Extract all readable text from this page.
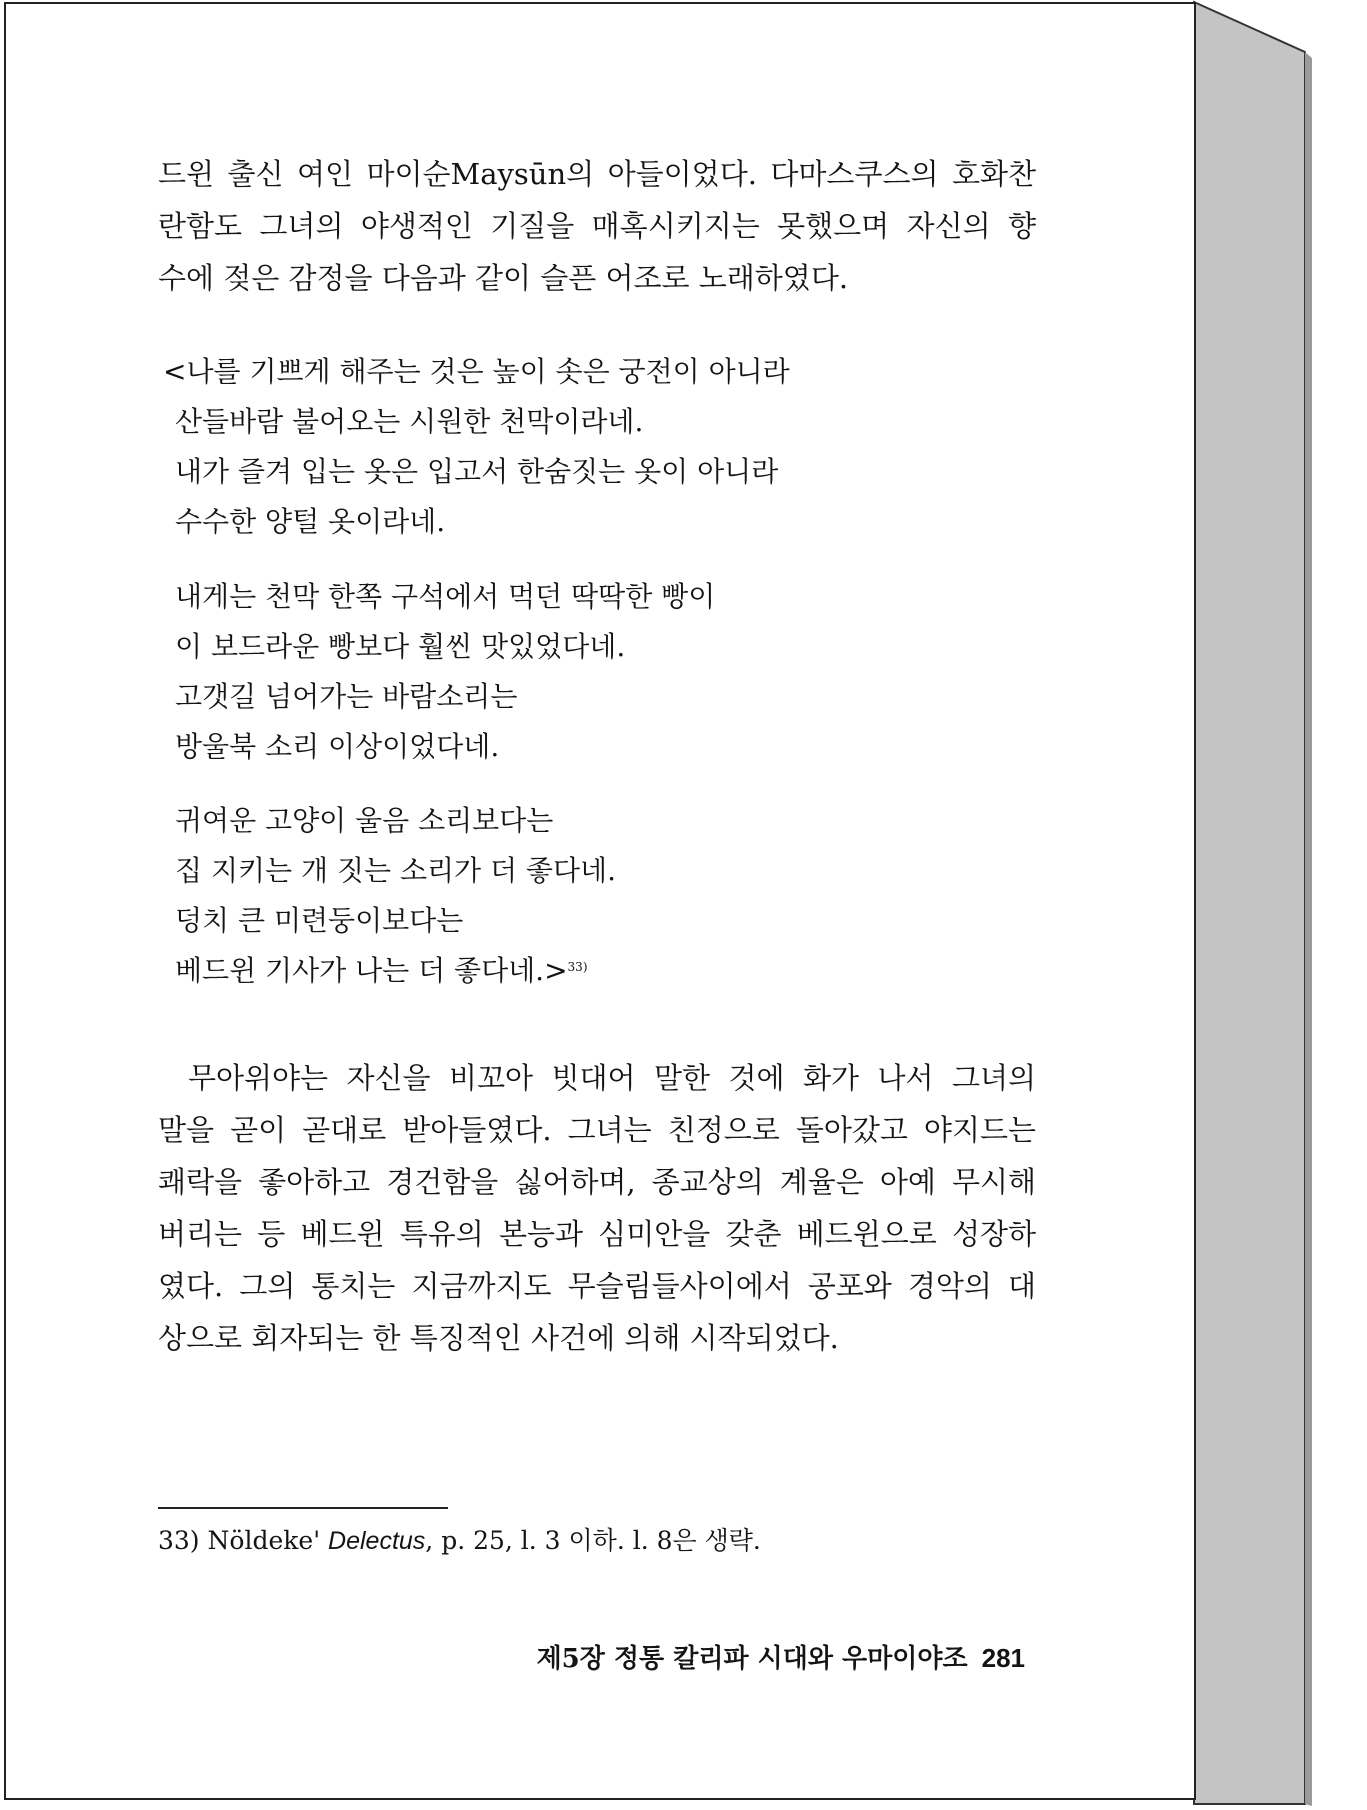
드윈 출신 여인 마이순Maysūn의 아들이었다. 다마스쿠스의 호화찬
란함도 그녀의 야생적인 기질을 매혹시키지는 못했으며 자신의 향
수에 젖은 감정을 다음과 같이 슬픈 어조로 노래하였다.

<나를 기쁘게 해주는 것은 높이 솟은 궁전이 아니라
산들바람 불어오는 시원한 천막이라네.
내가 즐겨 입는 옷은 입고서 한숨짓는 옷이 아니라
수수한 양털 옷이라네.
내게는 천막 한쪽 구석에서 먹던 딱딱한 빵이
이 보드라운 빵보다 훨씬 맛있었다네.
고갯길 넘어가는 바람소리는
방울북 소리 이상이었다네.
귀여운 고양이 울음 소리보다는
집 지키는 개 짓는 소리가 더 좋다네.
덩치 큰 미련둥이보다는
베드윈 기사가 나는 더 좋다네.>$^{33)}$

무아위야는 자신을 비꼬아 빗대어 말한 것에 화가 나서 그녀의
말을 곧이 곧대로 받아들였다. 그녀는 친정으로 돌아갔고 야지드는
쾌락을 좋아하고 경건함을 싫어하며, 종교상의 계율은 아예 무시해
버리는 등 베드윈 특유의 본능과 심미안을 갖춘 베드윈으로 성장하
였다. 그의 통치는 지금까지도 무슬림들사이에서 공포와 경악의 대
상으로 회자되는 한 특징적인 사건에 의해 시작되었다.

33) Nöldeke' Delectus, p. 25, l. 3 이하. l. 8은 생략.
제5장 정통 칼리파 시대와 우마이야조 281
